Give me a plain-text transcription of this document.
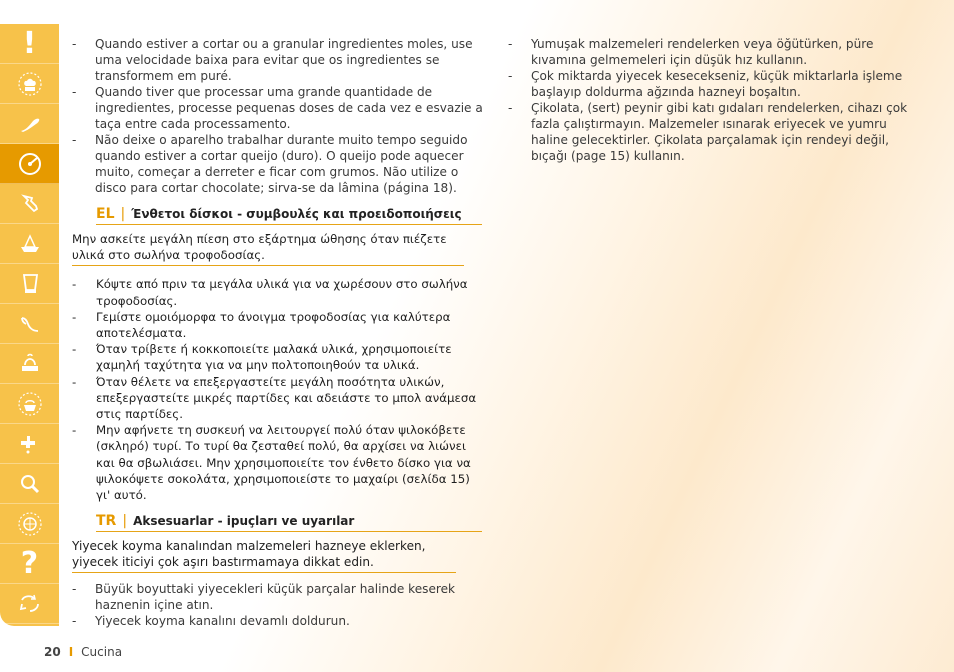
!
?
- Quando estiver a cortar ou a granular ingredientes moles, use uma velocidade baixa para evitar que os ingredientes se transformem em puré.
- Quando tiver que processar uma grande quantidade de ingredientes, processe pequenas doses de cada vez e esvazie a taça entre cada processamento.
- Não deixe o aparelho trabalhar durante muito tempo seguido quando estiver a cortar queijo (duro). O queijo pode aquecer muito, começar a derreter e ficar com grumos. Não utilize o disco para cortar chocolate; sirva-se da lâmina (página 18).
EL | Ένθετοι δίσκοι - συμβουλές και προειδοποιήσεις
Μην ασκείτε μεγάλη πίεση στο εξάρτημα ώθησης όταν πιέζετε υλικά στο σωλήνα τροφοδοσίας.
- Κόψτε από πριν τα μεγάλα υλικά για να χωρέσουν στο σωλήνα τροφοδοσίας.
- Γεμίστε ομοιόμορφα το άνοιγμα τροφοδοσίας για καλύτερα αποτελέσματα.
- Όταν τρίβετε ή κοκκοποιείτε μαλακά υλικά, χρησιμοποιείτε χαμηλή ταχύτητα για να μην πολτοποιηθούν τα υλικά.
- Όταν θέλετε να επεξεργαστείτε μεγάλη ποσότητα υλικών, επεξεργαστείτε μικρές παρτίδες και αδειάστε το μπολ ανάμεσα στις παρτίδες.
- Μην αφήνετε τη συσκευή να λειτουργεί πολύ όταν ψιλοκόβετε (σκληρό) τυρί. Το τυρί θα ζεσταθεί πολύ, θα αρχίσει να λιώνει και θα σβωλιάσει. Μην χρησιμοποιείτε τον ένθετο δίσκο για να ψιλοκόψετε σοκολάτα, χρησιμοποιείστε το μαχαίρι (σελίδα 15) γι' αυτό.
TR | Aksesuarlar - ipuçları ve uyarılar
Yiyecek koyma kanalından malzemeleri hazneye eklerken, yiyecek iticiyi çok aşırı bastırmamaya dikkat edin.
- Büyük boyuttaki yiyecekleri küçük parçalar halinde keserek haznenin içine atın.
- Yiyecek koyma kanalını devamlı doldurun.
- Yumuşak malzemeleri rendelerken veya öğütürken, püre kıvamına gelmemeleri için düşük hız kullanın.
- Çok miktarda yiyecek kesecekseniz, küçük miktarlarla işleme başlayıp doldurma ağzında hazneyi boşaltın.
- Çikolata, (sert) peynir gibi katı gıdaları rendelerken, cihazı çok fazla çalıştırmayın. Malzemeler ısınarak eriyecek ve yumru haline gelecektirler. Çikolata parçalamak için rendeyi değil, bıçağı (page 15) kullanın.
20 I Cucina
